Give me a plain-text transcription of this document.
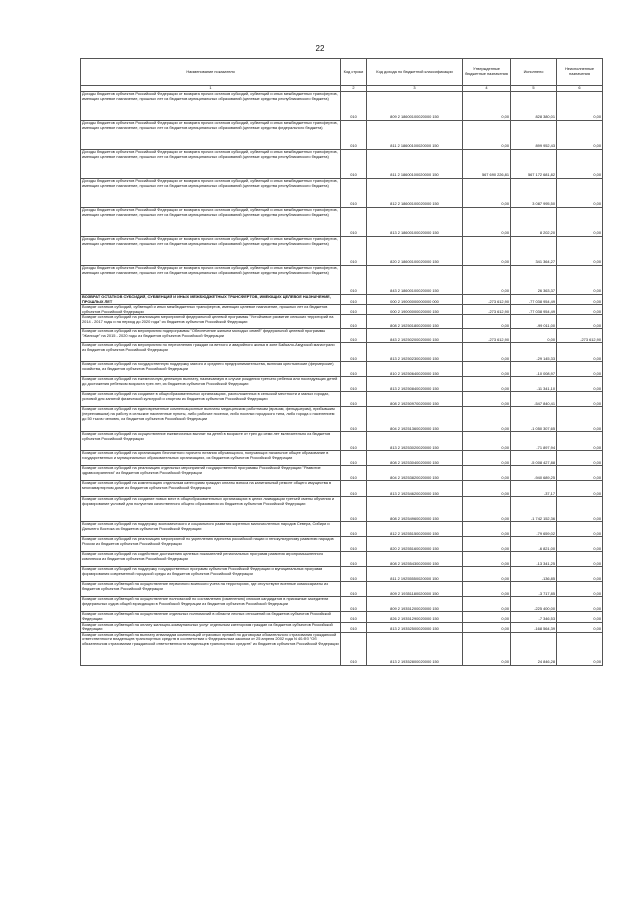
22
Наименование показателя	Код строки	Код дохода по бюджетной классификации	Утвержденные бюджетные назначения	Исполнено	Неисполненные назначения
1	2	3	4	5	6

Доходы бюджетов субъектов Российской Федерации от возврата прочих остатков субсидий, субвенций и иных межбюджетных трансфертов, имеющих целевое назначение, прошлых лет из бюджетов муниципальных образований (целевые средства республиканского бюджета)	010	809 2 18600100020000 150	0,00	828 380,01	0,00

Доходы бюджетов субъектов Российской Федерации от возврата прочих остатков субсидий, субвенций и иных межбюджетных трансфертов, имеющих целевое назначение, прошлых лет из бюджетов муниципальных образований (целевые средства федерального бюджета)	010	811 2 18600100020000 150	0,00	899 952,43	0,00

Доходы бюджетов субъектов Российской Федерации от возврата прочих остатков субсидий, субвенций и иных межбюджетных трансфертов, имеющих целевое назначение, прошлых лет из бюджетов муниципальных образований (целевые средства республиканского бюджета)	010	811 2 18600100020000 150	567 690 226,81	567 172 681,82	0,00

Доходы бюджетов субъектов Российской Федерации от возврата прочих остатков субсидий, субвенций и иных межбюджетных трансфертов, имеющих целевое назначение, прошлых лет из бюджетов муниципальных образований (целевые средства республиканского бюджета)	010	812 2 18600100020000 150	0,00	3 087 995,50	0,00

Доходы бюджетов субъектов Российской Федерации от возврата прочих остатков субсидий, субвенций и иных межбюджетных трансфертов, имеющих целевое назначение, прошлых лет из бюджетов муниципальных образований (целевые средства республиканского бюджета)	010	813 2 18600100020000 150	0,00	8 202,20	0,00

Доходы бюджетов субъектов Российской Федерации от возврата прочих остатков субсидий, субвенций и иных межбюджетных трансфертов, имеющих целевое назначение, прошлых лет из бюджетов муниципальных образований (целевые средства республиканского бюджета)	010	820 2 18600100020000 150	0,00	341 364,27	0,00

Доходы бюджетов субъектов Российской Федерации от возврата прочих остатков субсидий, субвенций и иных межбюджетных трансфертов, имеющих целевое назначение, прошлых лет из бюджетов муниципальных образований (целевые средства республиканского бюджета)	010	843 2 18600100020000 150	0,00	26 363,37	0,00

ВОЗВРАТ ОСТАТКОВ СУБСИДИЙ, СУБВЕНЦИЙ И ИНЫХ МЕЖБЮДЖЕТНЫХ ТРАНСФЕРТОВ, ИМЕЮЩИХ ЦЕЛЕВОЕ НАЗНАЧЕНИЕ, ПРОШЛЫХ ЛЕТ	010	000 2 19000000000000 000	-273 612,90	-77 038 954,49	0,00

Возврат остатков субсидий, субвенций и иных межбюджетных трансфертов, имеющих целевое назначение, прошлых лет из бюджетов субъектов Российской Федерации	010	000 2 19000000020000 150	-273 612,90	-77 038 954,49	0,00

Возврат остатков субсидий на реализацию мероприятий федеральной целевой программы "Устойчивое развитие сельских территорий на 2014 - 2017 годы и на период до 2020 года" из бюджетов субъектов Российской Федерации	010	808 2 19250180020000 150	0,00	-99 011,00	0,00

Возврат остатков субсидий на мероприятия подпрограммы "Обеспечение жильем молодых семей" федеральной целевой программы "Жилище" на 2015 - 2020 годы из бюджетов субъектов Российской Федерации	010	843 2 19250200020000 150	-273 612,90	0,00	-273 612,90

Возврат остатков субсидий на мероприятия по переселению граждан из ветхого и аварийного жилья в зоне Байкало-Амурской магистрали из бюджетов субъектов Российской Федерации	010	813 2 19250230020000 150	0,00	-29 145,33	0,00

Возврат остатков субсидий на государственную поддержку малого и среднего предпринимательства, включая крестьянские (фермерские) хозяйства, из бюджетов субъектов Российской Федерации	010	810 2 19250640020000 150	0,00	-10 008,97	0,00

Возврат остатков субсидий на ежемесячную денежную выплату, назначаемую в случае рождения третьего ребенка или последующих детей до достижения ребенком возраста трех лет, из бюджетов субъектов Российской Федерации	010	813 2 19250840020000 150	0,00	-11 341,10	0,00

Возврат остатков субсидий на создание в общеобразовательных организациях, расположенных в сельской местности и малых городах, условий для занятий физической культурой и спортом из бюджетов субъектов Российской Федерации	010	808 2 19250970020000 150	0,00	-547 840,41	0,00

Возврат остатков субсидий на единовременные компенсационные выплаты медицинским работникам (врачам, фельдшерам), прибывшим (переехавшим) на работу в сельские населенные пункты, либо рабочие поселки, либо поселки городского типа, либо города с населением до 50 тысяч человек, из бюджетов субъектов Российской Федерации	010	804 2 19251360020000 150	0,00	-1 050 307,65	0,00

Возврат остатков субсидий на осуществление ежемесячных выплат на детей в возрасте от трех до семи лет включительно из бюджетов субъектов Российской Федерации	010	813 2 19253020020000 150	0,00	-71 897,94	0,00

Возврат остатков субсидий на организацию бесплатного горячего питания обучающихся, получающих начальное общее образование в государственных и муниципальных образовательных организациях, из бюджетов субъектов Российской Федерации	010	808 2 19253040020000 150	0,00	-5 008 427,88	0,00

Возврат остатков субсидий на реализацию отдельных мероприятий государственной программы Российской Федерации "Развитие здравоохранения" из бюджетов субъектов Российской Федерации	010	804 2 19253820020000 150	0,00	-940 689,25	0,00

Возврат остатков субсидий на компенсацию отдельным категориям граждан оплаты взноса на капитальный ремонт общего имущества в многоквартирном доме из бюджетов субъектов Российской Федерации	010	813 2 19254620020000 150	0,00	-37,17	0,00

Возврат остатков субсидий на создание новых мест в общеобразовательных организациях в целях ликвидации третьей смены обучения и формирование условий для получения качественного общего образования из бюджетов субъектов Российской Федерации	010	808 2 19254960020000 150	0,00	-1 742 152,36	0,00

Возврат остатков субсидий на поддержку экономического и социального развития коренных малочисленных народов Севера, Сибири и Дальнего Востока из бюджетов субъектов Российской Федерации	010	812 2 19255150020000 150	0,00	-79 659,02	0,00

Возврат остатков субсидий на реализацию мероприятий по укреплению единства российской нации и этнокультурному развитию народов России из бюджетов субъектов Российской Федерации	010	820 2 19255160020000 150	0,00	-6 821,00	0,00

Возврат остатков субсидий на содействие достижению целевых показателей региональных программ развития агропромышленного комплекса из бюджетов субъектов Российской Федерации	010	808 2 19255430020000 150	0,00	-13 341,25	0,00

Возврат остатков субсидий на поддержку государственных программ субъектов Российской Федерации и муниципальных программ формирования современной городской среды из бюджетов субъектов Российской Федерации	010	811 2 19255550020000 150	0,00	-136,85	0,00

Возврат остатков субвенций на осуществление первичного воинского учета на территориях, где отсутствуют военные комиссариаты из бюджетов субъектов Российской Федерации	010	809 2 19351180020000 150	0,00	-3 717,85	0,00

Возврат остатков субвенций на осуществление полномочий по составлению (изменению) списков кандидатов в присяжные заседатели федеральных судов общей юрисдикции в Российской Федерации из бюджетов субъектов Российской Федерации	010	809 2 19351200020000 150	0,00	-225 400,00	0,00

Возврат остатков субвенций на осуществление отдельных полномочий в области лесных отношений из бюджетов субъектов Российской Федерации	010	826 2 19351290020000 150	0,00	-7 346,53	0,00

Возврат остатков субвенций на оплату жилищно-коммунальных услуг отдельным категориям граждан из бюджетов субъектов Российской Федерации	010	813 2 19352500020000 150	0,00	-168 564,39	0,00

Возврат остатков субвенций на выплату инвалидам компенсаций страховых премий по договорам обязательного страхования гражданской ответственности владельцев транспортных средств в соответствии с Федеральным законом от 25 апреля 2002 года N 40-ФЗ "Об обязательном страховании гражданской ответственности владельцев транспортных средств" из бюджетов субъектов Российской Федерации	010	813 2 19352800020000 150	0,00	24 846,28	0,00
